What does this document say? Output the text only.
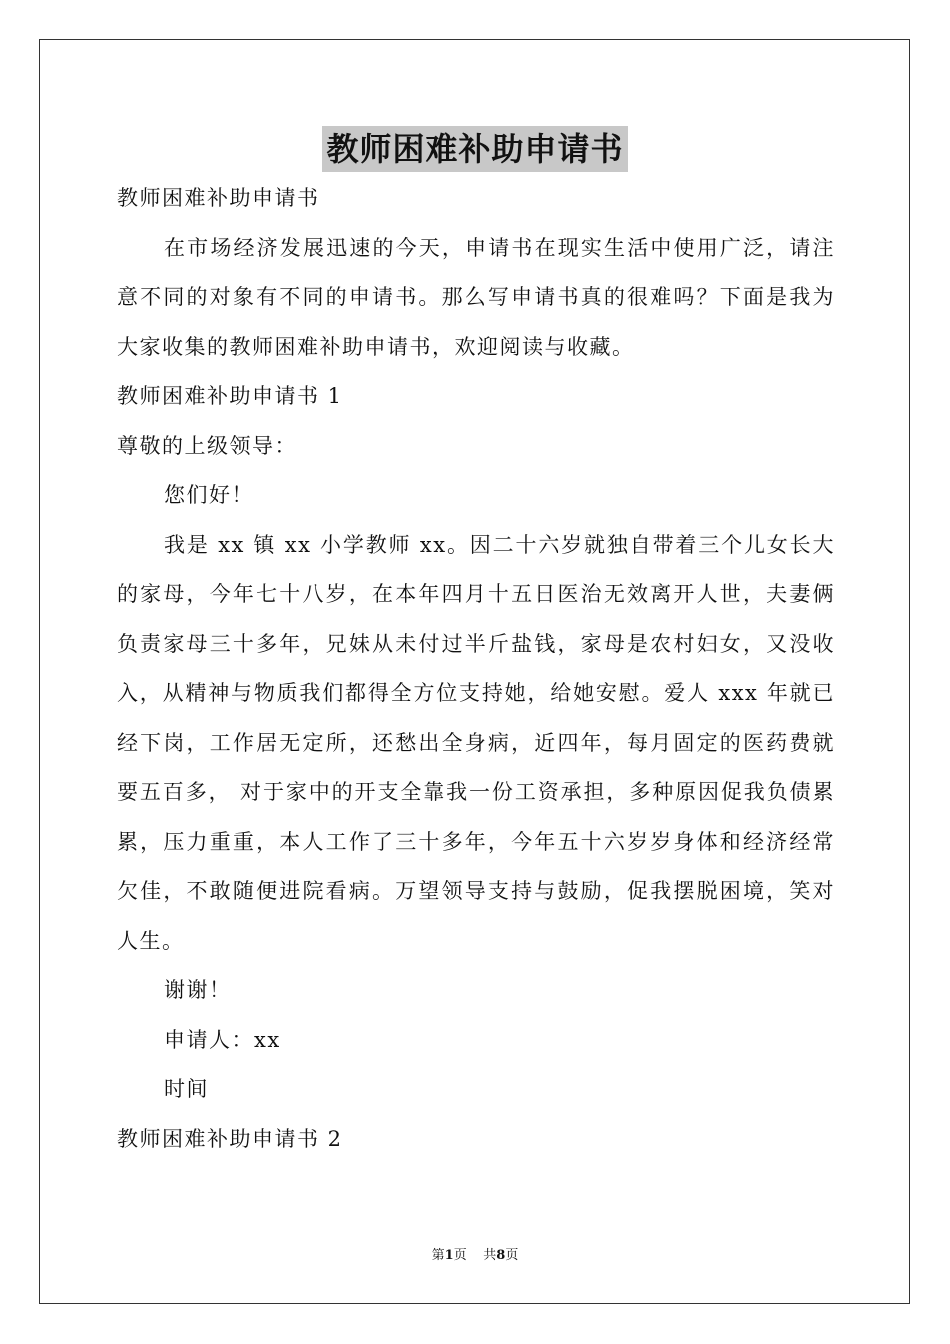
教师困难补助申请书

教师困难补助申请书

在市场经济发展迅速的今天，申请书在现实生活中使用广泛，请注意不同的对象有不同的申请书。那么写申请书真的很难吗？下面是我为大家收集的教师困难补助申请书，欢迎阅读与收藏。

教师困难补助申请书 1

尊敬的上级领导：

您们好！

我是 xx 镇 xx 小学教师 xx。因二十六岁就独自带着三个儿女长大的家母，今年七十八岁，在本年四月十五日医治无效离开人世，夫妻俩负责家母三十多年，兄妹从未付过半斤盐钱，家母是农村妇女，又没收入，从精神与物质我们都得全方位支持她，给她安慰。爱人 xxx 年就已经下岗，工作居无定所，还愁出全身病，近四年，每月固定的医药费就要五百多， 对于家中的开支全靠我一份工资承担，多种原因促我负债累累，压力重重，本人工作了三十多年，今年五十六岁岁身体和经济经常欠佳，不敢随便进院看病。万望领导支持与鼓励，促我摆脱困境，笑对人生。

谢谢！

申请人：xx

时间

教师困难补助申请书 2

第1页 共8页
